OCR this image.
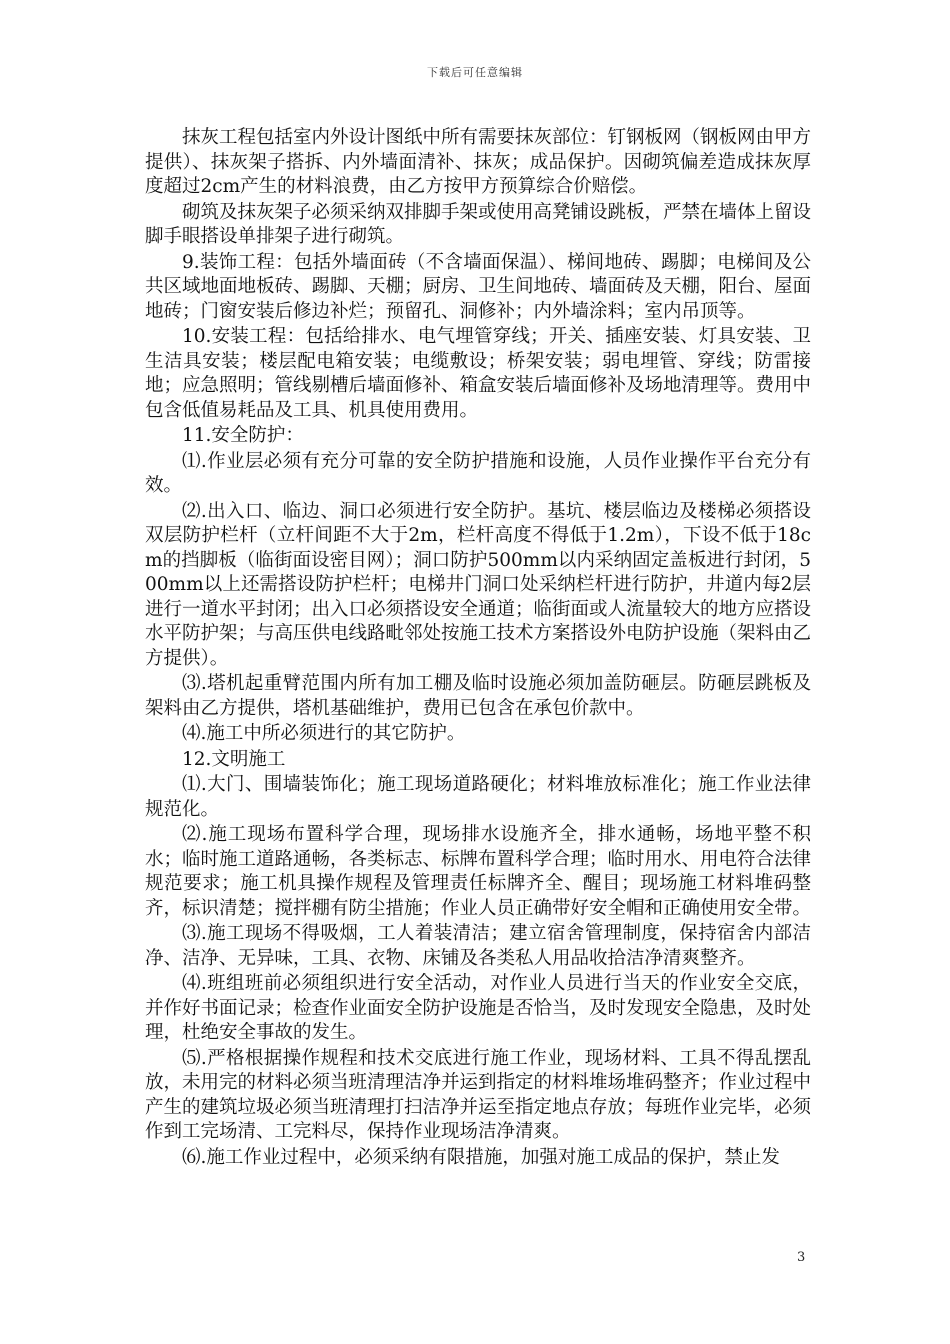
下载后可任意编辑

抹灰工程包括室内外设计图纸中所有需要抹灰部位：钉钢板网（钢板网由甲方提供）、抹灰架子搭拆、内外墙面清补、抹灰；成品保护。因砌筑偏差造成抹灰厚度超过2cm产生的材料浪费，由乙方按甲方预算综合价赔偿。

砌筑及抹灰架子必须采纳双排脚手架或使用高凳铺设跳板，严禁在墙体上留设脚手眼搭设单排架子进行砌筑。

9.装饰工程：包括外墙面砖（不含墙面保温）、梯间地砖、踢脚；电梯间及公共区域地面地板砖、踢脚、天棚；厨房、卫生间地砖、墙面砖及天棚，阳台、屋面地砖；门窗安装后修边补烂；预留孔、洞修补；内外墙涂料；室内吊顶等。

10.安装工程：包括给排水、电气埋管穿线；开关、插座安装、灯具安装、卫生洁具安装；楼层配电箱安装；电缆敷设；桥架安装；弱电埋管、穿线；防雷接地；应急照明；管线剔槽后墙面修补、箱盒安装后墙面修补及场地清理等。费用中包含低值易耗品及工具、机具使用费用。

11.安全防护：

⑴.作业层必须有充分可靠的安全防护措施和设施，人员作业操作平台充分有效。

⑵.出入口、临边、洞口必须进行安全防护。基坑、楼层临边及楼梯必须搭设双层防护栏杆（立杆间距不大于2m，栏杆高度不得低于1.2m），下设不低于18cm的挡脚板（临街面设密目网）；洞口防护500mm以内采纳固定盖板进行封闭，500mm以上还需搭设防护栏杆；电梯井门洞口处采纳栏杆进行防护，井道内每2层进行一道水平封闭；出入口必须搭设安全通道；临街面或人流量较大的地方应搭设水平防护架；与高压供电线路毗邻处按施工技术方案搭设外电防护设施（架料由乙方提供）。

⑶.塔机起重臂范围内所有加工棚及临时设施必须加盖防砸层。防砸层跳板及架料由乙方提供，塔机基础维护，费用已包含在承包价款中。

⑷.施工中所必须进行的其它防护。

12.文明施工

⑴.大门、围墙装饰化；施工现场道路硬化；材料堆放标准化；施工作业法律规范化。

⑵.施工现场布置科学合理，现场排水设施齐全，排水通畅，场地平整不积水；临时施工道路通畅，各类标志、标牌布置科学合理；临时用水、用电符合法律规范要求；施工机具操作规程及管理责任标牌齐全、醒目；现场施工材料堆码整齐，标识清楚；搅拌棚有防尘措施；作业人员正确带好安全帽和正确使用安全带。

⑶.施工现场不得吸烟，工人着装清洁；建立宿舍管理制度，保持宿舍内部洁净、洁净、无异味，工具、衣物、床铺及各类私人用品收拾洁净清爽整齐。

⑷.班组班前必须组织进行安全活动，对作业人员进行当天的作业安全交底，并作好书面记录；检查作业面安全防护设施是否恰当，及时发现安全隐患，及时处理，杜绝安全事故的发生。

⑸.严格根据操作规程和技术交底进行施工作业，现场材料、工具不得乱摆乱放，未用完的材料必须当班清理洁净并运到指定的材料堆场堆码整齐；作业过程中产生的建筑垃圾必须当班清理打扫洁净并运至指定地点存放；每班作业完毕，必须作到工完场清、工完料尽，保持作业现场洁净清爽。

⑹.施工作业过程中，必须采纳有限措施，加强对施工成品的保护，禁止发

3
